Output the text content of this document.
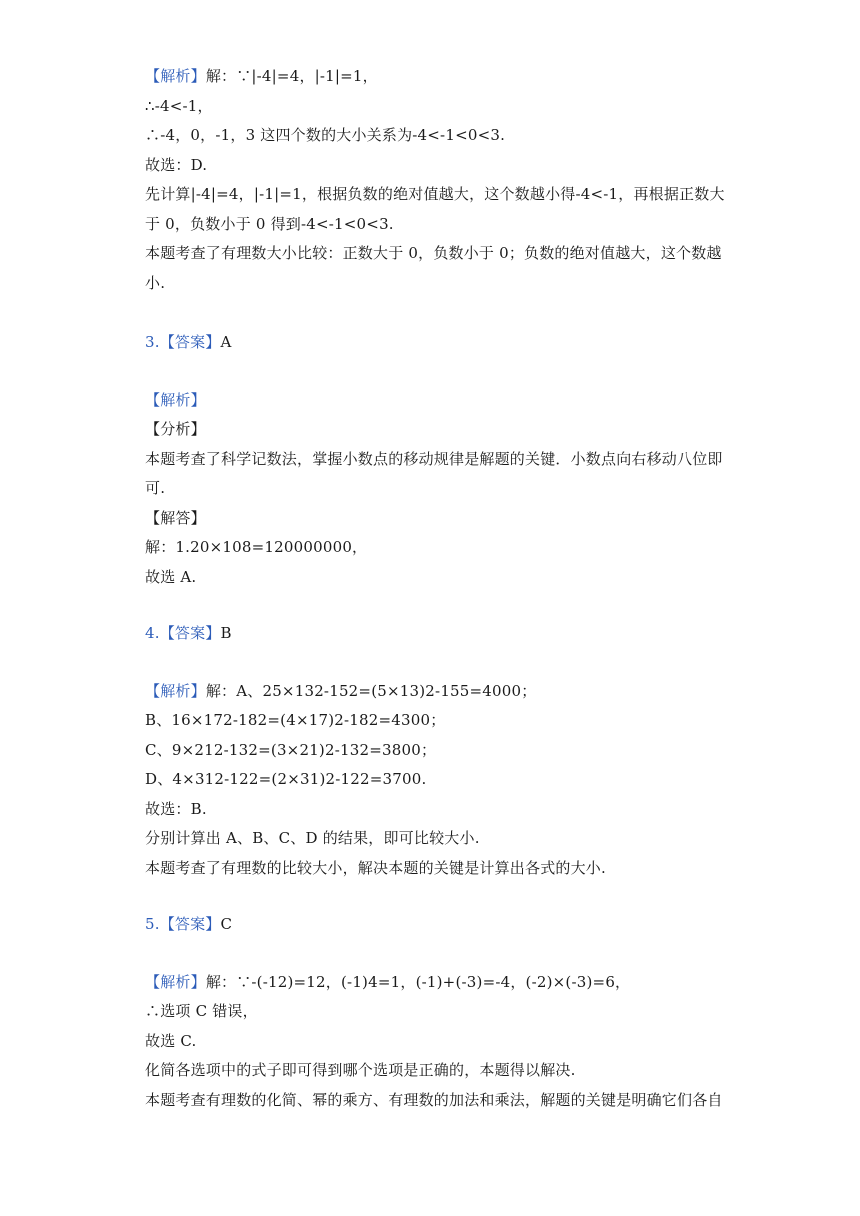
【解析】解：∵|-4|=4，|-1|=1，
∴-4<-1，
∴-4，0，-1，3 这四个数的大小关系为-4<-1<0<3.
故选：D.
先计算|-4|=4，|-1|=1，根据负数的绝对值越大，这个数越小得-4<-1，再根据正数大
于 0，负数小于 0 得到-4<-1<0<3.
本题考查了有理数大小比较：正数大于 0，负数小于 0；负数的绝对值越大，这个数越
小.
3.【答案】A
【解析】
【分析】
本题考查了科学记数法，掌握小数点的移动规律是解题的关键．小数点向右移动八位即
可.
【解答】
解：1.20×108=120000000，
故选 A.
4.【答案】B
【解析】解：A、25×132-152=(5×13)2-155=4000；
B、16×172-182=(4×17)2-182=4300；
C、9×212-132=(3×21)2-132=3800；
D、4×312-122=(2×31)2-122=3700.
故选：B.
分别计算出 A、B、C、D 的结果，即可比较大小.
本题考查了有理数的比较大小，解决本题的关键是计算出各式的大小.
5.【答案】C
【解析】解：∵-(-12)=12，(-1)4=1，(-1)+(-3)=-4，(-2)×(-3)=6，
∴选项 C 错误，
故选 C.
化简各选项中的式子即可得到哪个选项是正确的，本题得以解决.
本题考查有理数的化简、幂的乘方、有理数的加法和乘法，解题的关键是明确它们各自
